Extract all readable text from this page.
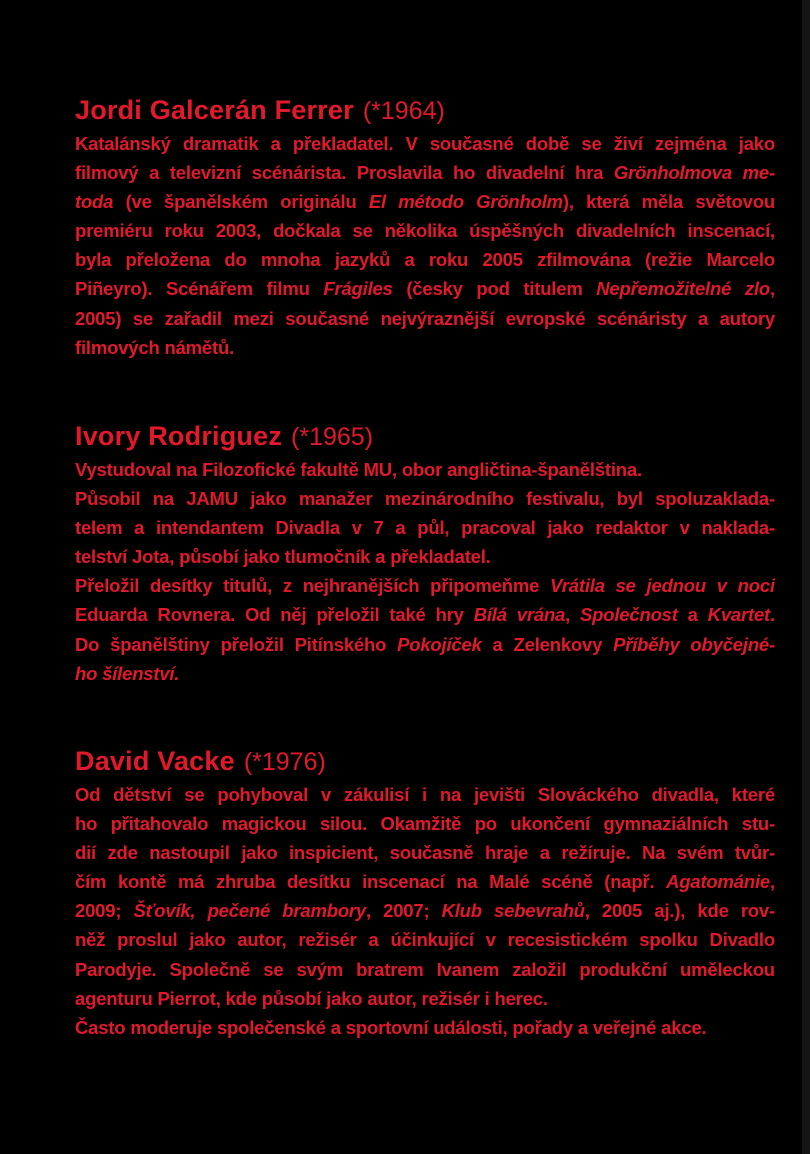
Jordi Galcerán Ferrer (*1964)
Katalánský dramatik a překladatel. V současné době se živí zejména jako
filmový a televizní scénárista. Proslavila ho divadelní hra Grönholmova me-
toda (ve španělském originálu El método Grönholm), která měla světovou
premiéru roku 2003, dočkala se několika úspěšných divadelních inscenací,
byla přeložena do mnoha jazyků a roku 2005 zfilmována (režie Marcelo
Piñeyro). Scénářem filmu Frágiles (česky pod titulem Nepřemožitelné zlo,
2005) se zařadil mezi současné nejvýraznější evropské scénáristy a autory
filmových námětů.
Ivory Rodriguez (*1965)
Vystudoval na Filozofické fakultě MU, obor angličtina-španělština.
Působil na JAMU jako manažer mezinárodního festivalu, byl spoluzaklada-
telem a intendantem Divadla v 7 a půl, pracoval jako redaktor v naklada-
telství Jota, působí jako tlumočník a překladatel.
Přeložil desítky titulů, z nejhranějších připomeňme Vrátila se jednou v noci
Eduarda Rovnera. Od něj přeložil také hry Bílá vrána, Společnost a Kvartet.
Do španělštiny přeložil Pitínského Pokojíček a Zelenkovy Příběhy obyčejné-
ho šílenství.
David Vacke (*1976)
Od dětství se pohyboval v zákulisí i na jevišti Slováckého divadla, které
ho přitahovalo magickou silou. Okamžitě po ukončení gymnaziálních stu-
dií zde nastoupil jako inspicient, současně hraje a režíruje. Na svém tvůr-
čím kontě má zhruba desítku inscenací na Malé scéně (např. Agatománie,
2009; Šťovík, pečené brambory, 2007; Klub sebevrahů, 2005 aj.), kde rov-
něž proslul jako autor, režisér a účinkující v recesistickém spolku Divadlo
Parodyje. Společně se svým bratrem Ivanem založil produkční uměleckou
agenturu Pierrot, kde působí jako autor, režisér i herec.
Často moderuje společenské a sportovní události, pořady a veřejné akce.
